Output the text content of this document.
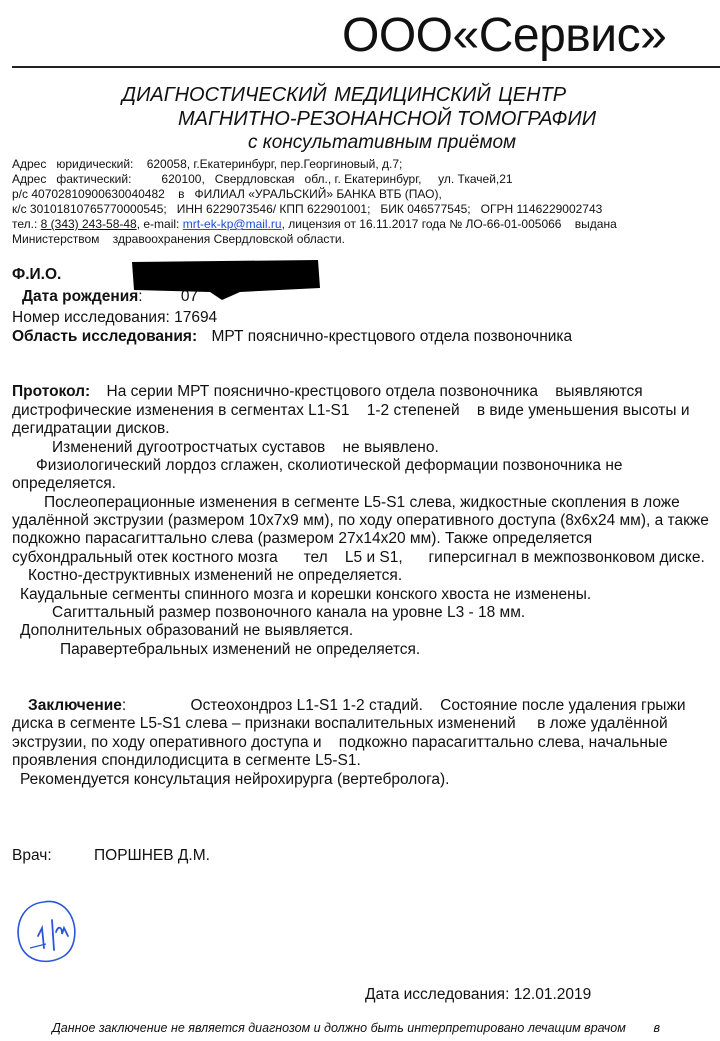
ООО«Сервис»
ДИАГНОСТИЧЕСКИЙ МЕДИЦИНСКИЙ ЦЕНТР
МАГНИТНО-РЕЗОНАНСНОЙ ТОМОГРАФИИ
с консультативным приёмом
Адрес   юридический: 620058, г.Екатеринбург, пер.Георгиновый, д.7;
Адрес   фактический:	620100,   Свердловская   обл., г. Екатеринбург,     ул. Ткачей,21
р/с 40702810900630040482    в   ФИЛИАЛ «УРАЛЬСКИЙ» БАНКА ВТБ (ПАО),
к/с 30101810765770000545;   ИНН 6229073546/ КПП 622901001;   БИК 046577545;   ОГРН 1146229002743
тел.: 8 (343) 243-58-48, e-mail: mrt-ek-kp@mail.ru, лицензия от 16.11.2017 года № ЛО-66-01-005066    выдана
Министерством    здравоохранения Свердловской области.
Ф.И.О.
Дата рождения: 07
Номер исследования: 17694
Область исследования: МРТ пояснично-крестцового отдела позвоночника
Протокол: На серии МРТ пояснично-крестцового отдела позвоночника    выявляются
дистрофические изменения в сегментах L1-S1    1-2 степеней    в виде уменьшения высоты и
дегидратации дисков.
Изменений дугоотростчатых суставов    не выявлено.
Физиологический лордоз сглажен, сколиотической деформации позвоночника не
определяется.
Послеоперационные изменения в сегменте L5-S1 слева, жидкостные скопления в ложе
удалённой экструзии (размером 10х7х9 мм), по ходу оперативного доступа (8х6х24 мм), а также
подкожно парасагиттально слева (размером 27х14х20 мм). Также определяется
субхондральный отек костного мозга      тел    L5 и S1,      гиперсигнал в межпозвонковом диске.
Костно-деструктивных изменений не определяется.
Каудальные сегменты спинного мозга и корешки конского хвоста не изменены.
Сагиттальный размер позвоночного канала на уровне L3 - 18 мм.
Дополнительных образований не выявляется.
Паравертебральных изменений не определяется.
Заключение:	Остеохондроз L1-S1 1-2 стадий.    Состояние после удаления грыжи
диска в сегменте L5-S1 слева – признаки воспалительных изменений     в ложе удалённой
экструзии, по ходу оперативного доступа и    подкожно парасагиттально слева, начальные
проявления спондилодисцита в сегменте L5-S1.
Рекомендуется консультация нейрохирурга (вертебролога).
Врач:	ПОРШНЕВ Д.М.
Дата исследования: 12.01.2019
Данное заключение не является диагнозом и должно быть интерпретировано лечащим врачом        в
